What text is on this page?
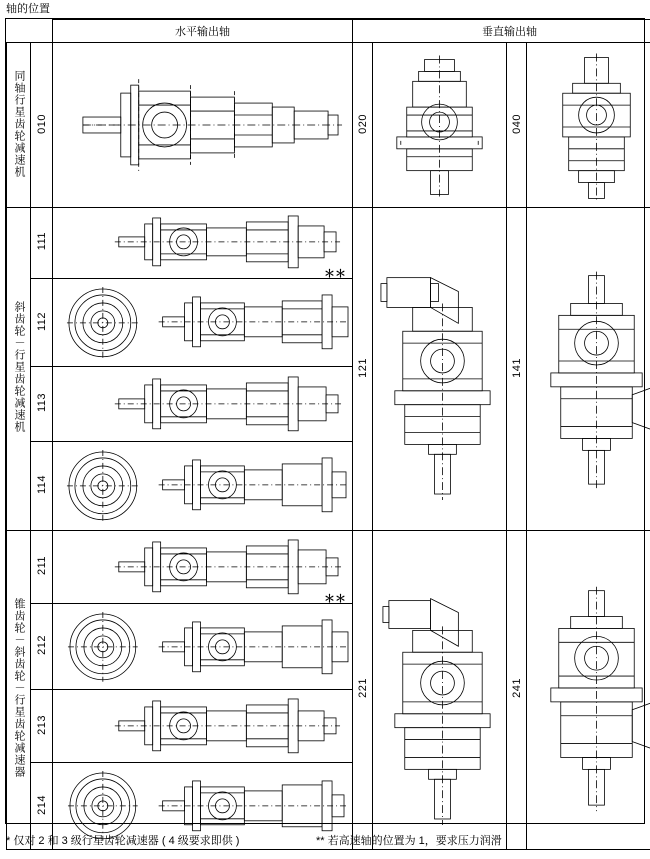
轴的位置
		水平输出轴	垂直输出轴			
同轴行星齿轮减速机	010		020		040	

斜齿轮－行星齿轮减速机	111		121		141	

	112	＊＊				

	113	

	114	

锥齿轮－斜齿轮－行星齿轮减速器	211		221		241	

	212	＊＊				

	213	

	214	
* 仅对 2 和 3 级行星齿轮减速器 ( 4 级要求即供 )	** 若高速轴的位置为 1，要求压力润滑
